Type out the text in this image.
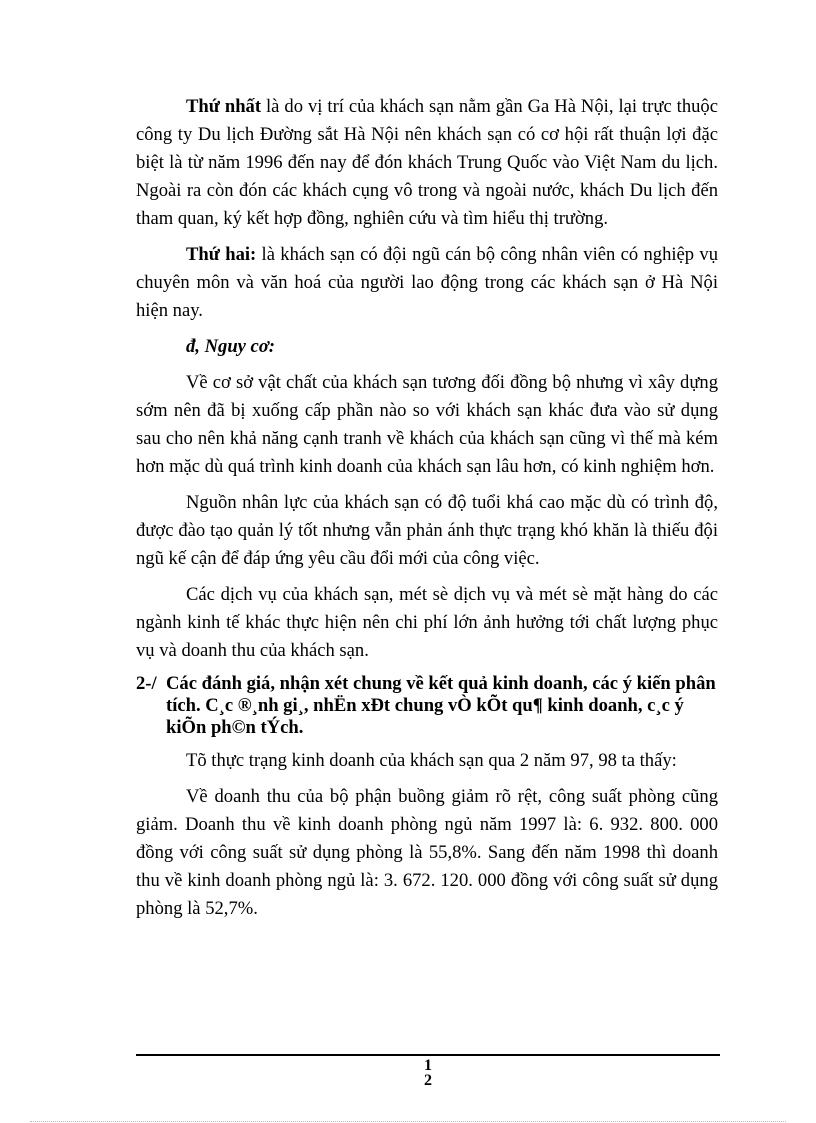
Thứ nhất là do vị trí của khách sạn nằm gần Ga Hà Nội, lại trực thuộc công ty Du lịch Đường sắt Hà Nội nên khách sạn có cơ hội rất thuận lợi đặc biệt là từ năm 1996 đến nay để đón khách Trung Quốc vào Việt Nam du lịch. Ngoài ra còn đón các khách cụng vô trong và ngoài nước, khách Du lịch đến tham quan, ký kết hợp đồng, nghiên cứu và tìm hiểu thị trường.

Thứ hai: là khách sạn có đội ngũ cán bộ công nhân viên có nghiệp vụ chuyên môn và văn hoá của người lao động trong các khách sạn ở Hà Nội hiện nay.

đ, Nguy cơ:

Về cơ sở vật chất của khách sạn tương đối đồng bộ nhưng vì xây dựng sớm nên đã bị xuống cấp phần nào so với khách sạn khác đưa vào sử dụng sau cho nên khả năng cạnh tranh về khách của khách sạn cũng vì thế mà kém hơn mặc dù quá trình kinh doanh của khách sạn lâu hơn, có kinh nghiệm hơn.

Nguồn nhân lực của khách sạn có độ tuổi khá cao mặc dù có trình độ, được đào tạo quản lý tốt nhưng vẫn phản ánh thực trạng khó khăn là thiếu đội ngũ kế cận để đáp ứng yêu cầu đổi mới của công việc.

Các dịch vụ của khách sạn, mét sè dịch vụ và mét sè mặt hàng do các ngành kinh tế khác thực hiện nên chi phí lớn ảnh hưởng tới chất lượng phục vụ và doanh thu của khách sạn.

2-/ Các đánh giá, nhận xét chung về kết quả kinh doanh, các ý kiến phân tích. C¸c ®¸nh gi¸, nhËn xÐt chung vÒ kÕt qu¶ kinh doanh, c¸c ý kiÕn ph©n tÝch.

Tõ thực trạng kinh doanh của khách sạn qua 2 năm 97, 98 ta thấy:

Về doanh thu của bộ phận buồng giảm rõ rệt, công suất phòng cũng giảm. Doanh thu về kinh doanh phòng ngủ năm 1997 là: 6. 932. 800. 000 đồng với công suất sử dụng phòng là 55,8%. Sang đến năm 1998 thì doanh thu về kinh doanh phòng ngủ là: 3. 672. 120. 000 đồng với công suất sử dụng phòng là 52,7%.

1
2
